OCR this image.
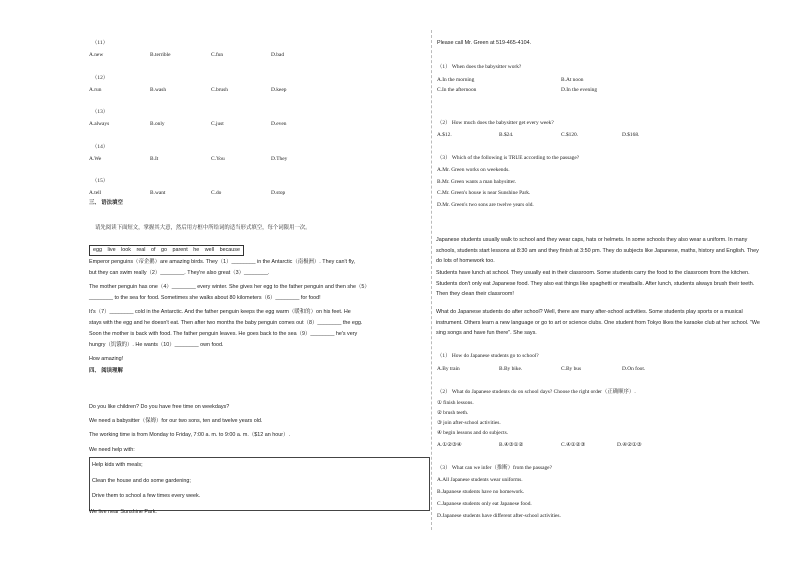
（11）
A.new	B.terrible	C.fun	D.bad
（12）
A.run	B.wash	C.brush	D.keep
（13）
A.always	B.only	C.just	D.even
（14）
A.We	B.It	C.You	D.They
（15）
A.tell	B.want	C.do	D.stop
三、 语法填空
请先阅读下面短文，掌握其大意，然后用方框中所给词的适当形式填空，每个词限用一次。
egg live look real of go parent he well because
Emperor penguins（帝企鹅）are amazing birds. They（1）________ in the Antarctic（南极洲）. They can't fly,
but they can swim really（2）________. They're also great（3）________.
The mother penguin has one（4）________ every winter. She gives her egg to the father penguin and then she（5）
________ to the sea for food. Sometimes she walks about 80 kilometers（6）________ for food!
It's（7）________ cold in the Antarctic. And the father penguin keeps the egg warm（暖和的）on his feet. He
stays with the egg and he doesn't eat. Then after two months the baby penguin comes out（8）________ the egg.
Soon the mother is back with food. The father penguin leaves. He goes back to the sea（9）________ he's very
hungry（饥饿的）. He wants（10）________ own food.
How amazing!
四、 阅读理解
Do you like children? Do you have free time on weekdays?
We need a babysitter（保姆）for our two sons, ten and twelve years old.
The working time is from Monday to Friday, 7:00 a. m. to 9:00 a. m.（$12 an hour）.
We need help with:
Help kids with meals;
Clean the house and do some gardening;
Drive them to school a few times every week.
We live near Sunshine Park.
Please call Mr. Green at 519-465-4104.
（1） When does the babysitter work?
A.In the morning	B.At noon
C.In the afternoon	D.In the evening
（2） How much does the babysitter get every week?
A.$12.	B.$24.	C.$120.	D.$168.
（3） Which of the following is TRUE according to the passage?
A.Mr. Green works on weekends.
B.Mr. Green wants a man babysitter.
C.Mr. Green's house is near Sunshine Park.
D.Mr. Green's two sons are twelve years old.
Japanese students usually walk to school and they wear caps, hats or helmets. In some schools they also wear a uniform. In many schools, students start lessons at 8:30 am and they finish at 3:50 pm. They do subjects like Japanese, maths, history and English. They do lots of homework too.
Students have lunch at school. They usually eat in their classroom. Some students carry the food to the classroom from the kitchen. Students don't only eat Japanese food. They also eat things like spaghetti or meatballs. After lunch, students always brush their teeth. Then they clean their classroom!
What do Japanese students do after school? Well, there are many after-school activities. Some students play sports or a musical instrument. Others learn a new language or go to art or science clubs. One student from Tokyo likes the karaoke club at her school. "We sing songs and have fun there". She says.
（1） How do Japanese students go to school?
A.By train	B.By bike.	C.By bus	D.On foot.
（2） What do Japanese students do on school days? Choose the right order（正确顺序）.
① finish lessons.
② brush teeth.
③ join after-school activities.
④ begin lessons and do subjects.
A.①②③④	B.④③①②	C.④①②③	D.④②①③
（3） What can we infer（推断）from the passage?
A.All Japanese students wear uniforms.
B.Japanese students have no homework.
C.Japanese students only eat Japanese food.
D.Japanese students have different after-school activities.
